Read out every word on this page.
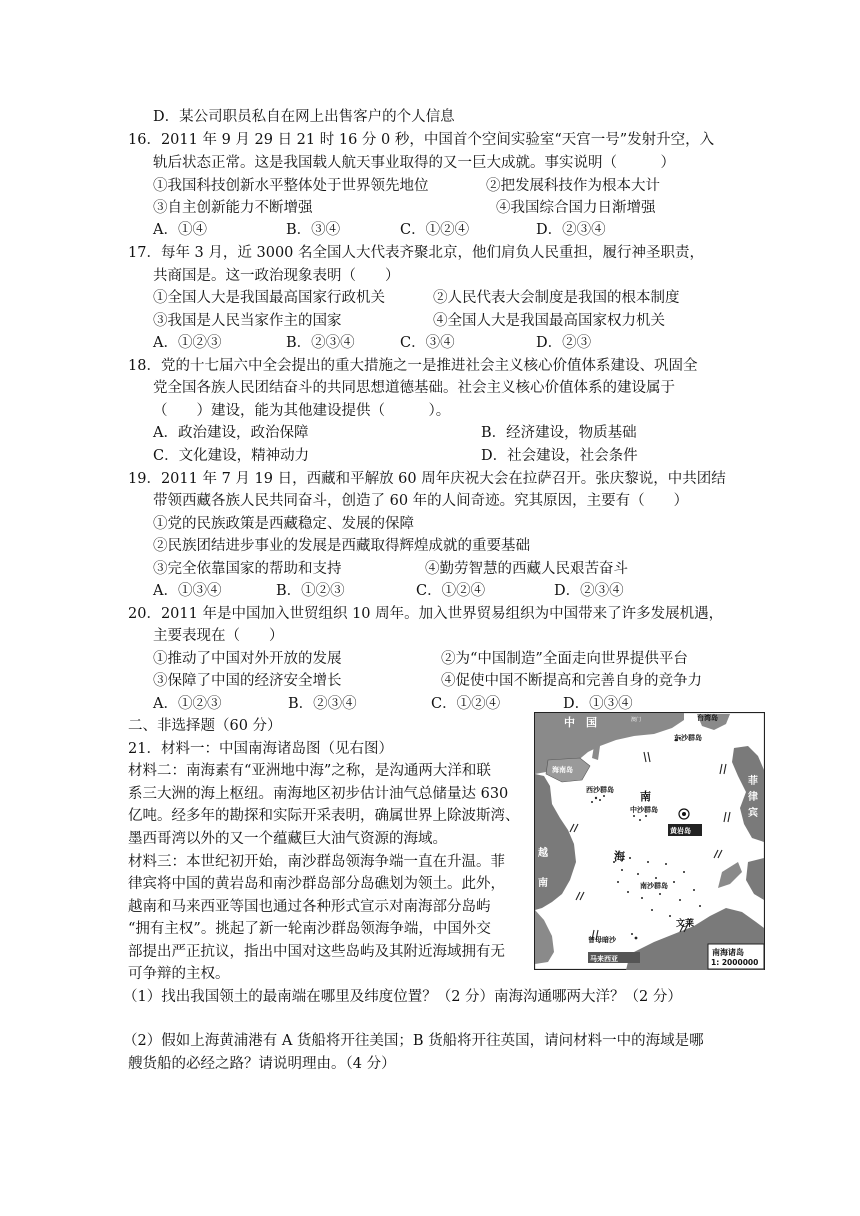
D．某公司职员私自在网上出售客户的个人信息
16．2011 年 9 月 29 日 21 时 16 分 0 秒，中国首个空间实验室“天宫一号”发射升空，入
轨后状态正常。这是我国载人航天事业取得的又一巨大成就。事实说明（　　　）
①我国科技创新水平整体处于世界领先地位	②把发展科技作为根本大计
③自主创新能力不断增强	④我国综合国力日渐增强
A．①④	B．③④	C．①②④	D．②③④
17．每年 3 月，近 3000 名全国人大代表齐聚北京，他们肩负人民重担，履行神圣职责，
共商国是。这一政治现象表明（　　）
①全国人大是我国最高国家行政机关	②人民代表大会制度是我国的根本制度
③我国是人民当家作主的国家	④全国人大是我国最高国家权力机关
A．①②③	B．②③④	C．③④	D．②③
18．党的十七届六中全会提出的重大措施之一是推进社会主义核心价值体系建设、巩固全
党全国各族人民团结奋斗的共同思想道德基础。社会主义核心价值体系的建设属于
（　　）建设，能为其他建设提供（　　　）。
A．政治建设，政治保障	B．经济建设，物质基础
C．文化建设，精神动力	D．社会建设，社会条件
19．2011 年 7 月 19 日，西藏和平解放 60 周年庆祝大会在拉萨召开。张庆黎说，中共团结
带领西藏各族人民共同奋斗，创造了 60 年的人间奇迹。究其原因，主要有（　　）
①党的民族政策是西藏稳定、发展的保障
②民族团结进步事业的发展是西藏取得辉煌成就的重要基础
③完全依靠国家的帮助和支持	④勤劳智慧的西藏人民艰苦奋斗
A．①③④	B．①②③	C．①②④	D．②③④
20．2011 年是中国加入世贸组织 10 周年。加入世界贸易组织为中国带来了许多发展机遇，
主要表现在（　　）
①推动了中国对外开放的发展	②为“中国制造”全面走向世界提供平台
③保障了中国的经济安全增长	④促使中国不断提高和完善自身的竞争力
A．①②③	B．②③④	C．①②④	D．①③④
二、非选择题（60 分）
21．材料一：中国南海诸岛图（见右图）
材料二：南海素有“亚洲地中海”之称，是沟通两大洋和联
系三大洲的海上枢纽。南海地区初步估计油气总储量达 630
亿吨。经多年的勘探和实际开采表明，确属世界上除波斯湾、
墨西哥湾以外的又一个蕴藏巨大油气资源的海域。
材料三：本世纪初开始，南沙群岛领海争端一直在升温。菲
律宾将中国的黄岩岛和南沙群岛部分岛礁划为领土。此外，
越南和马来西亚等国也通过各种形式宣示对南海部分岛屿
“拥有主权”。挑起了新一轮南沙群岛领海争端，中国外交
部提出严正抗议，指出中国对这些岛屿及其附近海域拥有无
可争辩的主权。
（1）找出我国领土的最南端在哪里及纬度位置？（2 分）南海沟通哪两大洋？（2 分）
（2）假如上海黄浦港有 A 货船将开往美国；B 货船将开往英国，请问材料一中的海域是哪
艘货船的必经之路？请说明理由。（4 分）
中　国	澳门	台湾岛
东沙群岛
海南岛
西沙群岛
中沙群岛
黄岩岛
南
海
南沙群岛
越
南
菲
律
宾
文莱
曾母暗沙
马来西亚
南海诸岛
1: 2000000
